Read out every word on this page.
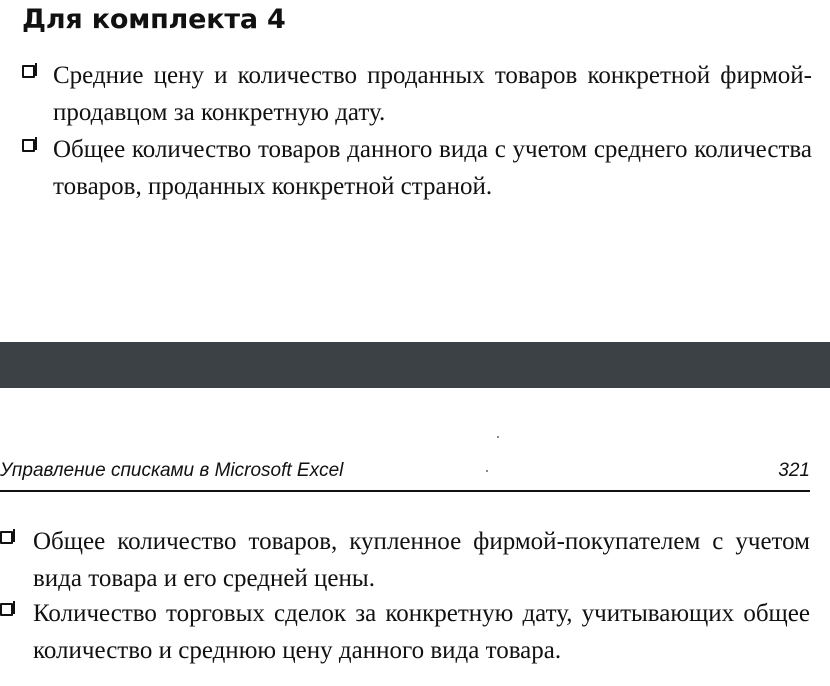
Для комплекта 4
Средние цену и количество проданных товаров конкретной фирмой-продавцом за конкретную дату.
Общее количество товаров данного вида с учетом среднего количества товаров, проданных конкретной страной.
Управление списками в Microsoft Excel	321
Общее количество товаров, купленное фирмой-покупателем с учетом вида товара и его средней цены.
Количество торговых сделок за конкретную дату, учитывающих общее количество и среднюю цену данного вида товара.
